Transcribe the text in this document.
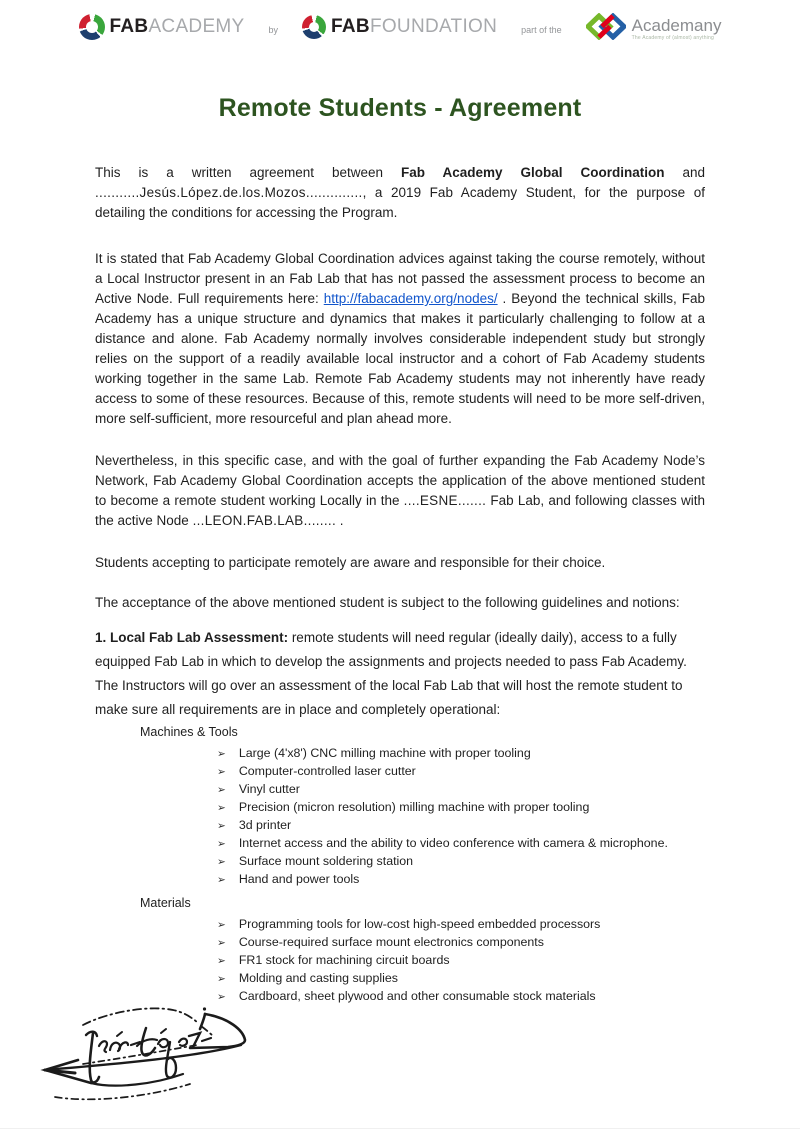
FABACADEMY	by	FABFOUNDATION	part of the	Academany
The Academy of (almost) anything
Remote Students - Agreement

This is a written agreement between Fab Academy Global Coordination and ...........Jesús.López.de.los.Mozos.............., a 2019 Fab Academy Student, for the purpose of detailing the conditions for accessing the Program.

It is stated that Fab Academy Global Coordination advices against taking the course remotely, without a Local Instructor present in an Fab Lab that has not passed the assessment process to become an Active Node. Full requirements here: http://fabacademy.org/nodes/ . Beyond the technical skills, Fab Academy has a unique structure and dynamics that makes it particularly challenging to follow at a distance and alone. Fab Academy normally involves considerable independent study but strongly relies on the support of a readily available local instructor and a cohort of Fab Academy students working together in the same Lab. Remote Fab Academy students may not inherently have ready access to some of these resources. Because of this, remote students will need to be more self-driven, more self-sufficient, more resourceful and plan ahead more.

Nevertheless, in this specific case, and with the goal of further expanding the Fab Academy Node’s Network, Fab Academy Global Coordination accepts the application of the above mentioned student to become a remote student working Locally in the ....ESNE....... Fab Lab, and following classes with the active Node ...LEON.FAB.LAB........ .

Students accepting to participate remotely are aware and responsible for their choice.

The acceptance of the above mentioned student is subject to the following guidelines and notions:

1. Local Fab Lab Assessment: remote students will need regular (ideally daily), access to a fully equipped Fab Lab in which to develop the assignments and projects needed to pass Fab Academy. The Instructors will go over an assessment of the local Fab Lab that will host the remote student to make sure all requirements are in place and completely operational:

Machines & Tools
➢ Large (4'x8') CNC milling machine with proper tooling
➢ Computer-controlled laser cutter
➢ Vinyl cutter
➢ Precision (micron resolution) milling machine with proper tooling
➢ 3d printer
➢ Internet access and the ability to video conference with camera & microphone.
➢ Surface mount soldering station
➢ Hand and power tools
Materials
➢ Programming tools for low-cost high-speed embedded processors
➢ Course-required surface mount electronics components
➢ FR1 stock for machining circuit boards
➢ Molding and casting supplies
➢ Cardboard, sheet plywood and other consumable stock materials
